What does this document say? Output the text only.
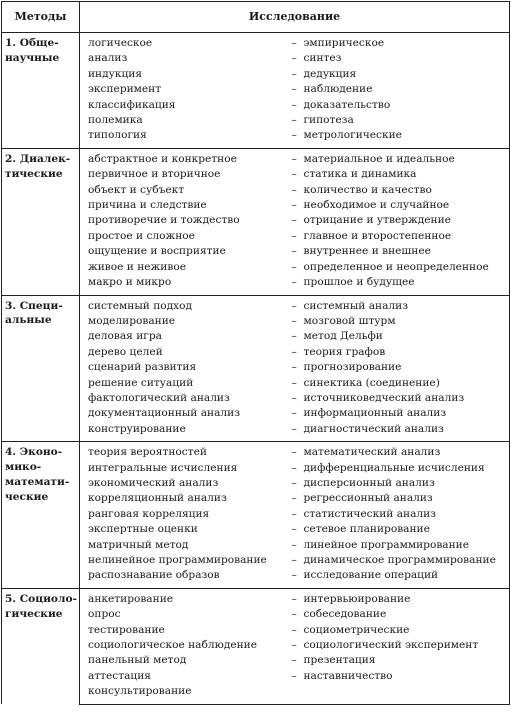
Методы	Исследование	

1. Обще-
научные	логическое	– эмпирическое
	анализ	– синтез
	индукция	– дедукция
	эксперимент	– наблюдение
	классификация	– доказательство
	полемика	– гипотеза
	типология	– метрологические

2. Диалек-
тические	абстрактное и конкретное	– материальное и идеальное
	первичное и вторичное	– статика и динамика
	объект и субъект	– количество и качество
	причина и следствие	– необходимое и случайное
	противоречие и тождество	– отрицание и утверждение
	простое и сложное	– главное и второстепенное
	ощущение и восприятие	– внутреннее и внешнее
	живое и неживое	– определенное и неопределенное
	макро и микро	– прошлое и будущее

3. Специ-
альные	системный подход	– системный анализ
	моделирование	– мозговой штурм
	деловая игра	– метод Дельфи
	дерево целей	– теория графов
	сценарий развития	– прогнозирование
	решение ситуаций	– синектика (соединение)
	фактологический анализ	– источниковедческий анализ
	документационный анализ	– информационный анализ
	конструирование	– диагностический анализ

4. Эконо-
мико-
математи-
ческие	теория вероятностей	– математический анализ
	интегральные исчисления	– дифференциальные исчисления
	экономический анализ	– дисперсионный анализ
	корреляционный анализ	– регрессионный анализ
	ранговая корреляция	– статистический анализ
	экспертные оценки	– сетевое планирование
	матричный метод	– линейное программирование
	нелинейное программирование	– динамическое программирование
	распознавание образов	– исследование операций

5. Социоло-
гические	анкетирование	– интервьюирование
	опрос	– собеседование
	тестирование	– социометрические
	социологическое наблюдение	– социологический эксперимент
	панельный метод	– презентация
	аттестация	– наставничество
	консультирование	
